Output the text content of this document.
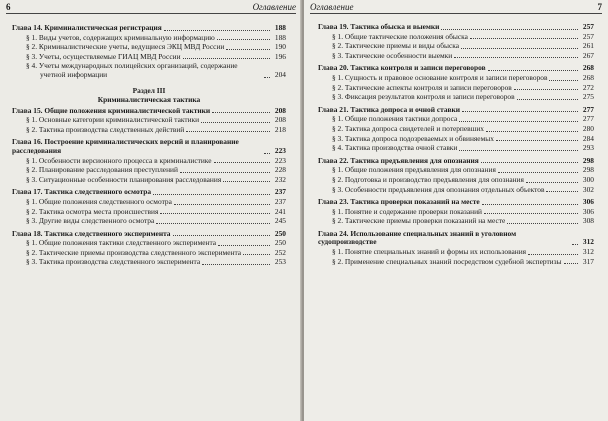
6	Оглавление
Глава 14. Криминалистическая регистрация	188
§ 1. Виды учетов, содержащих криминальную информацию	188
§ 2. Криминалистические учеты, ведущиеся ЭКЦ МВД России	190
§ 3. Учеты, осуществляемые ГИАЦ МВД России	196
§ 4. Учеты международных полицейских организаций, содержание учетной информации	204
Раздел III
Криминалистическая тактика
Глава 15. Общие положения криминалистической тактики	208
§ 1. Основные категории криминалистической тактики	208
§ 2. Тактика производства следственных действий	218
Глава 16. Построение криминалистических версий и планирование расследования	223
§ 1. Особенности версионного процесса в криминалистике	223
§ 2. Планирование расследования преступлений	228
§ 3. Ситуационные особенности планирования расследования	232
Глава 17. Тактика следственного осмотра	237
§ 1. Общие положения следственного осмотра	237
§ 2. Тактика осмотра места происшествия	241
§ 3. Другие виды следственного осмотра	245
Глава 18. Тактика следственного эксперимента	250
§ 1. Общие положения тактики следственного эксперимента	250
§ 2. Тактические приемы производства следственного эксперимента	252
§ 3. Тактика производства следственного эксперимента	253
Оглавление	7
Глава 19. Тактика обыска и выемки	257
§ 1. Общие тактические положения обыска	257
§ 2. Тактические приемы и виды обыска	261
§ 3. Тактические особенности выемки	267
Глава 20. Тактика контроля и записи переговоров	268
§ 1. Сущность и правовое основание контроля и записи переговоров	268
§ 2. Тактические аспекты контроля и записи переговоров	272
§ 3. Фиксация результатов контроля и записи переговоров	275
Глава 21. Тактика допроса и очной ставки	277
§ 1. Общие положения тактики допроса	277
§ 2. Тактика допроса свидетелей и потерпевших	280
§ 3. Тактика допроса подозреваемых и обвиняемых	284
§ 4. Тактика производства очной ставки	293
Глава 22. Тактика предъявления для опознания	298
§ 1. Общие положения предъявления для опознания	298
§ 2. Подготовка и производство предъявления для опознания	300
§ 3. Особенности предъявления для опознания отдельных объектов	302
Глава 23. Тактика проверки показаний на месте	306
§ 1. Понятие и содержание проверки показаний	306
§ 2. Тактические приемы проверки показаний на месте	308
Глава 24. Использование специальных знаний в уголовном судопроизводстве	312
§ 1. Понятие специальных знаний и формы их использования	312
§ 2. Применение специальных знаний посредством судебной экспертизы	317
